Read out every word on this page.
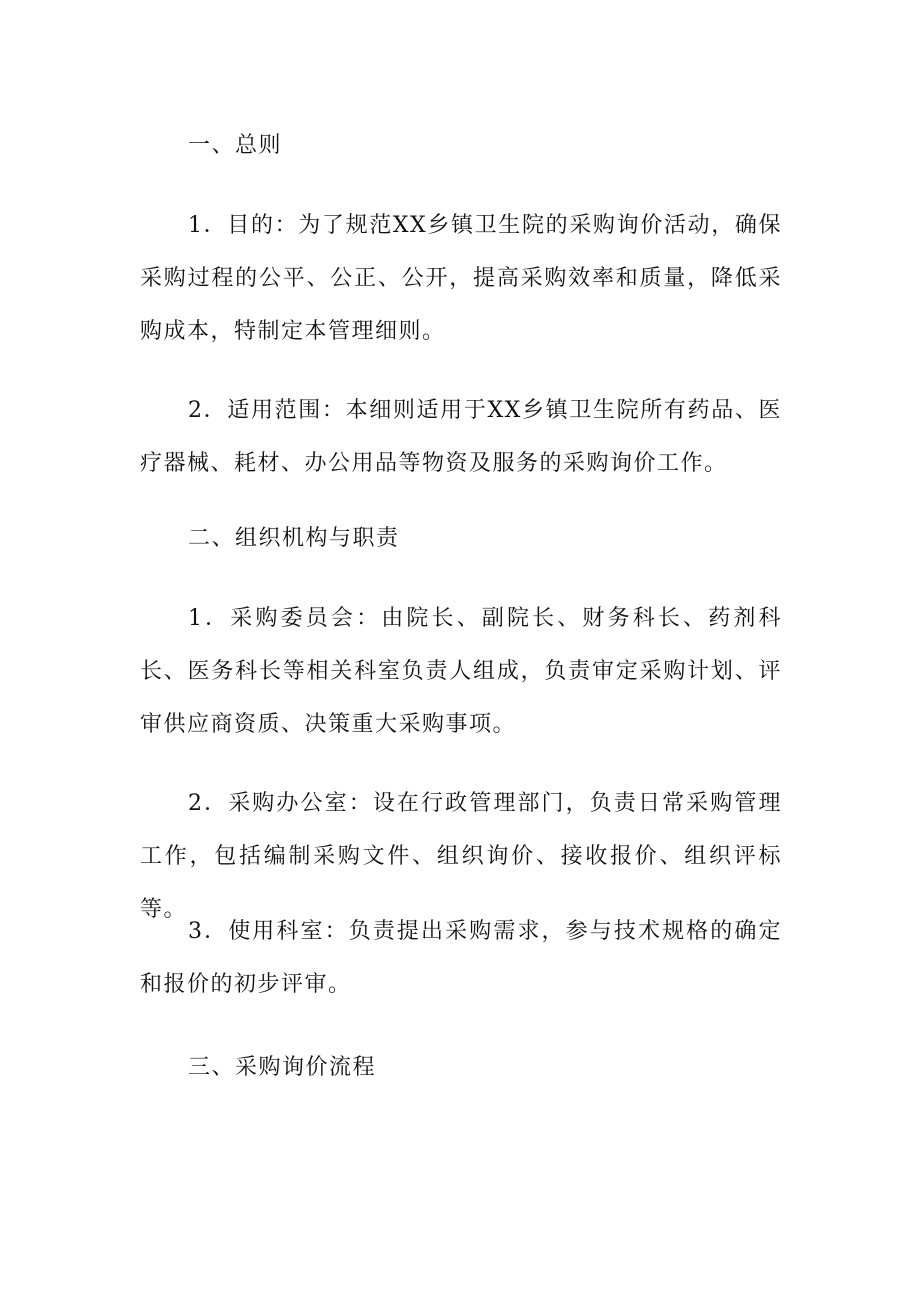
一、总则

1．目的：为了规范XX乡镇卫生院的采购询价活动，确保采购过程的公平、公正、公开，提高采购效率和质量，降低采购成本，特制定本管理细则。

2．适用范围：本细则适用于XX乡镇卫生院所有药品、医疗器械、耗材、办公用品等物资及服务的采购询价工作。

二、组织机构与职责

1．采购委员会：由院长、副院长、财务科长、药剂科长、医务科长等相关科室负责人组成，负责审定采购计划、评审供应商资质、决策重大采购事项。

2．采购办公室：设在行政管理部门，负责日常采购管理工作，包括编制采购文件、组织询价、接收报价、组织评标等。

3．使用科室：负责提出采购需求，参与技术规格的确定和报价的初步评审。

三、采购询价流程
